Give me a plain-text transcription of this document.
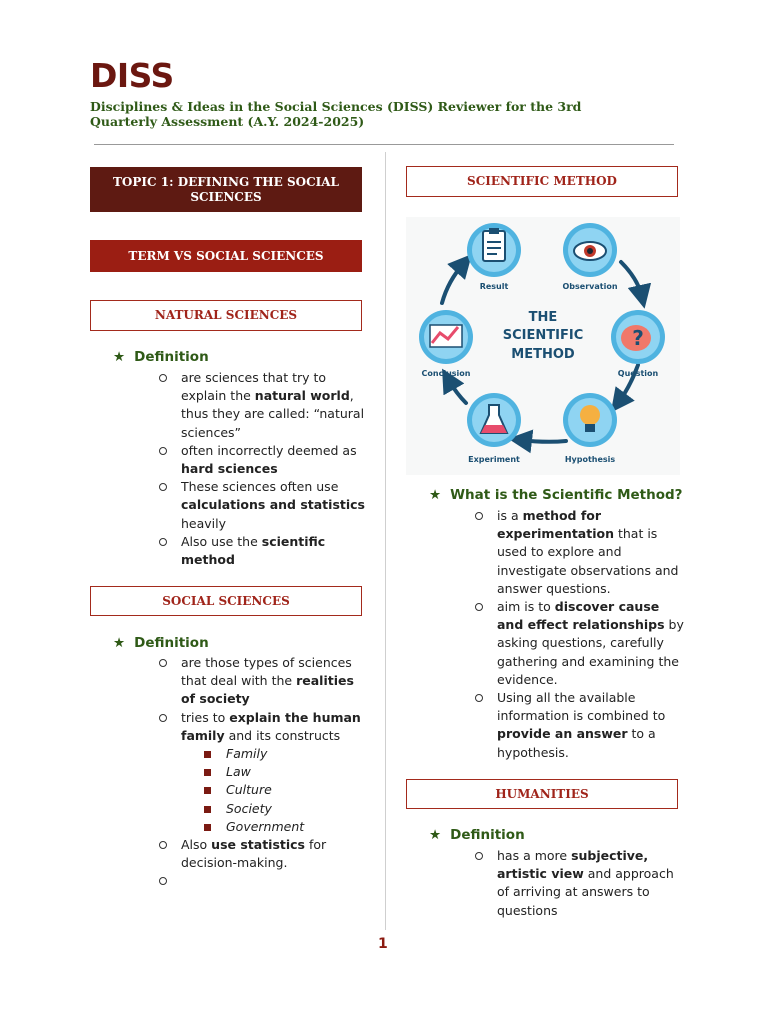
DISS
Disciplines & Ideas in the Social Sciences (DISS) Reviewer for the 3rd Quarterly Assessment (A.Y. 2024-2025)
TOPIC 1: DEFINING THE SOCIAL SCIENCES
TERM VS SOCIAL SCIENCES
NATURAL SCIENCES
★ Definition
are sciences that try to explain the natural world, thus they are called: “natural sciences”
often incorrectly deemed as hard sciences
These sciences often use calculations and statistics heavily
Also use the scientific method
SOCIAL SCIENCES
★ Definition
are those types of sciences that deal with the realities of society
tries to explain the human family and its constructs
Family
Law
Culture
Society
Government
Also use statistics for decision-making.

SCIENTIFIC METHOD
Result	Observation
?
Question
Hypothesis
Experiment
Conclusion
THE
SCIENTIFIC
METHOD
★ What is the Scientific Method?
is a method for experimentation that is used to explore and investigate observations and answer questions.
aim is to discover cause and effect relationships by asking questions, carefully gathering and examining the evidence.
Using all the available information is combined to provide an answer to a hypothesis.
HUMANITIES
★ Definition
has a more subjective, artistic view and approach of arriving at answers to questions
1
